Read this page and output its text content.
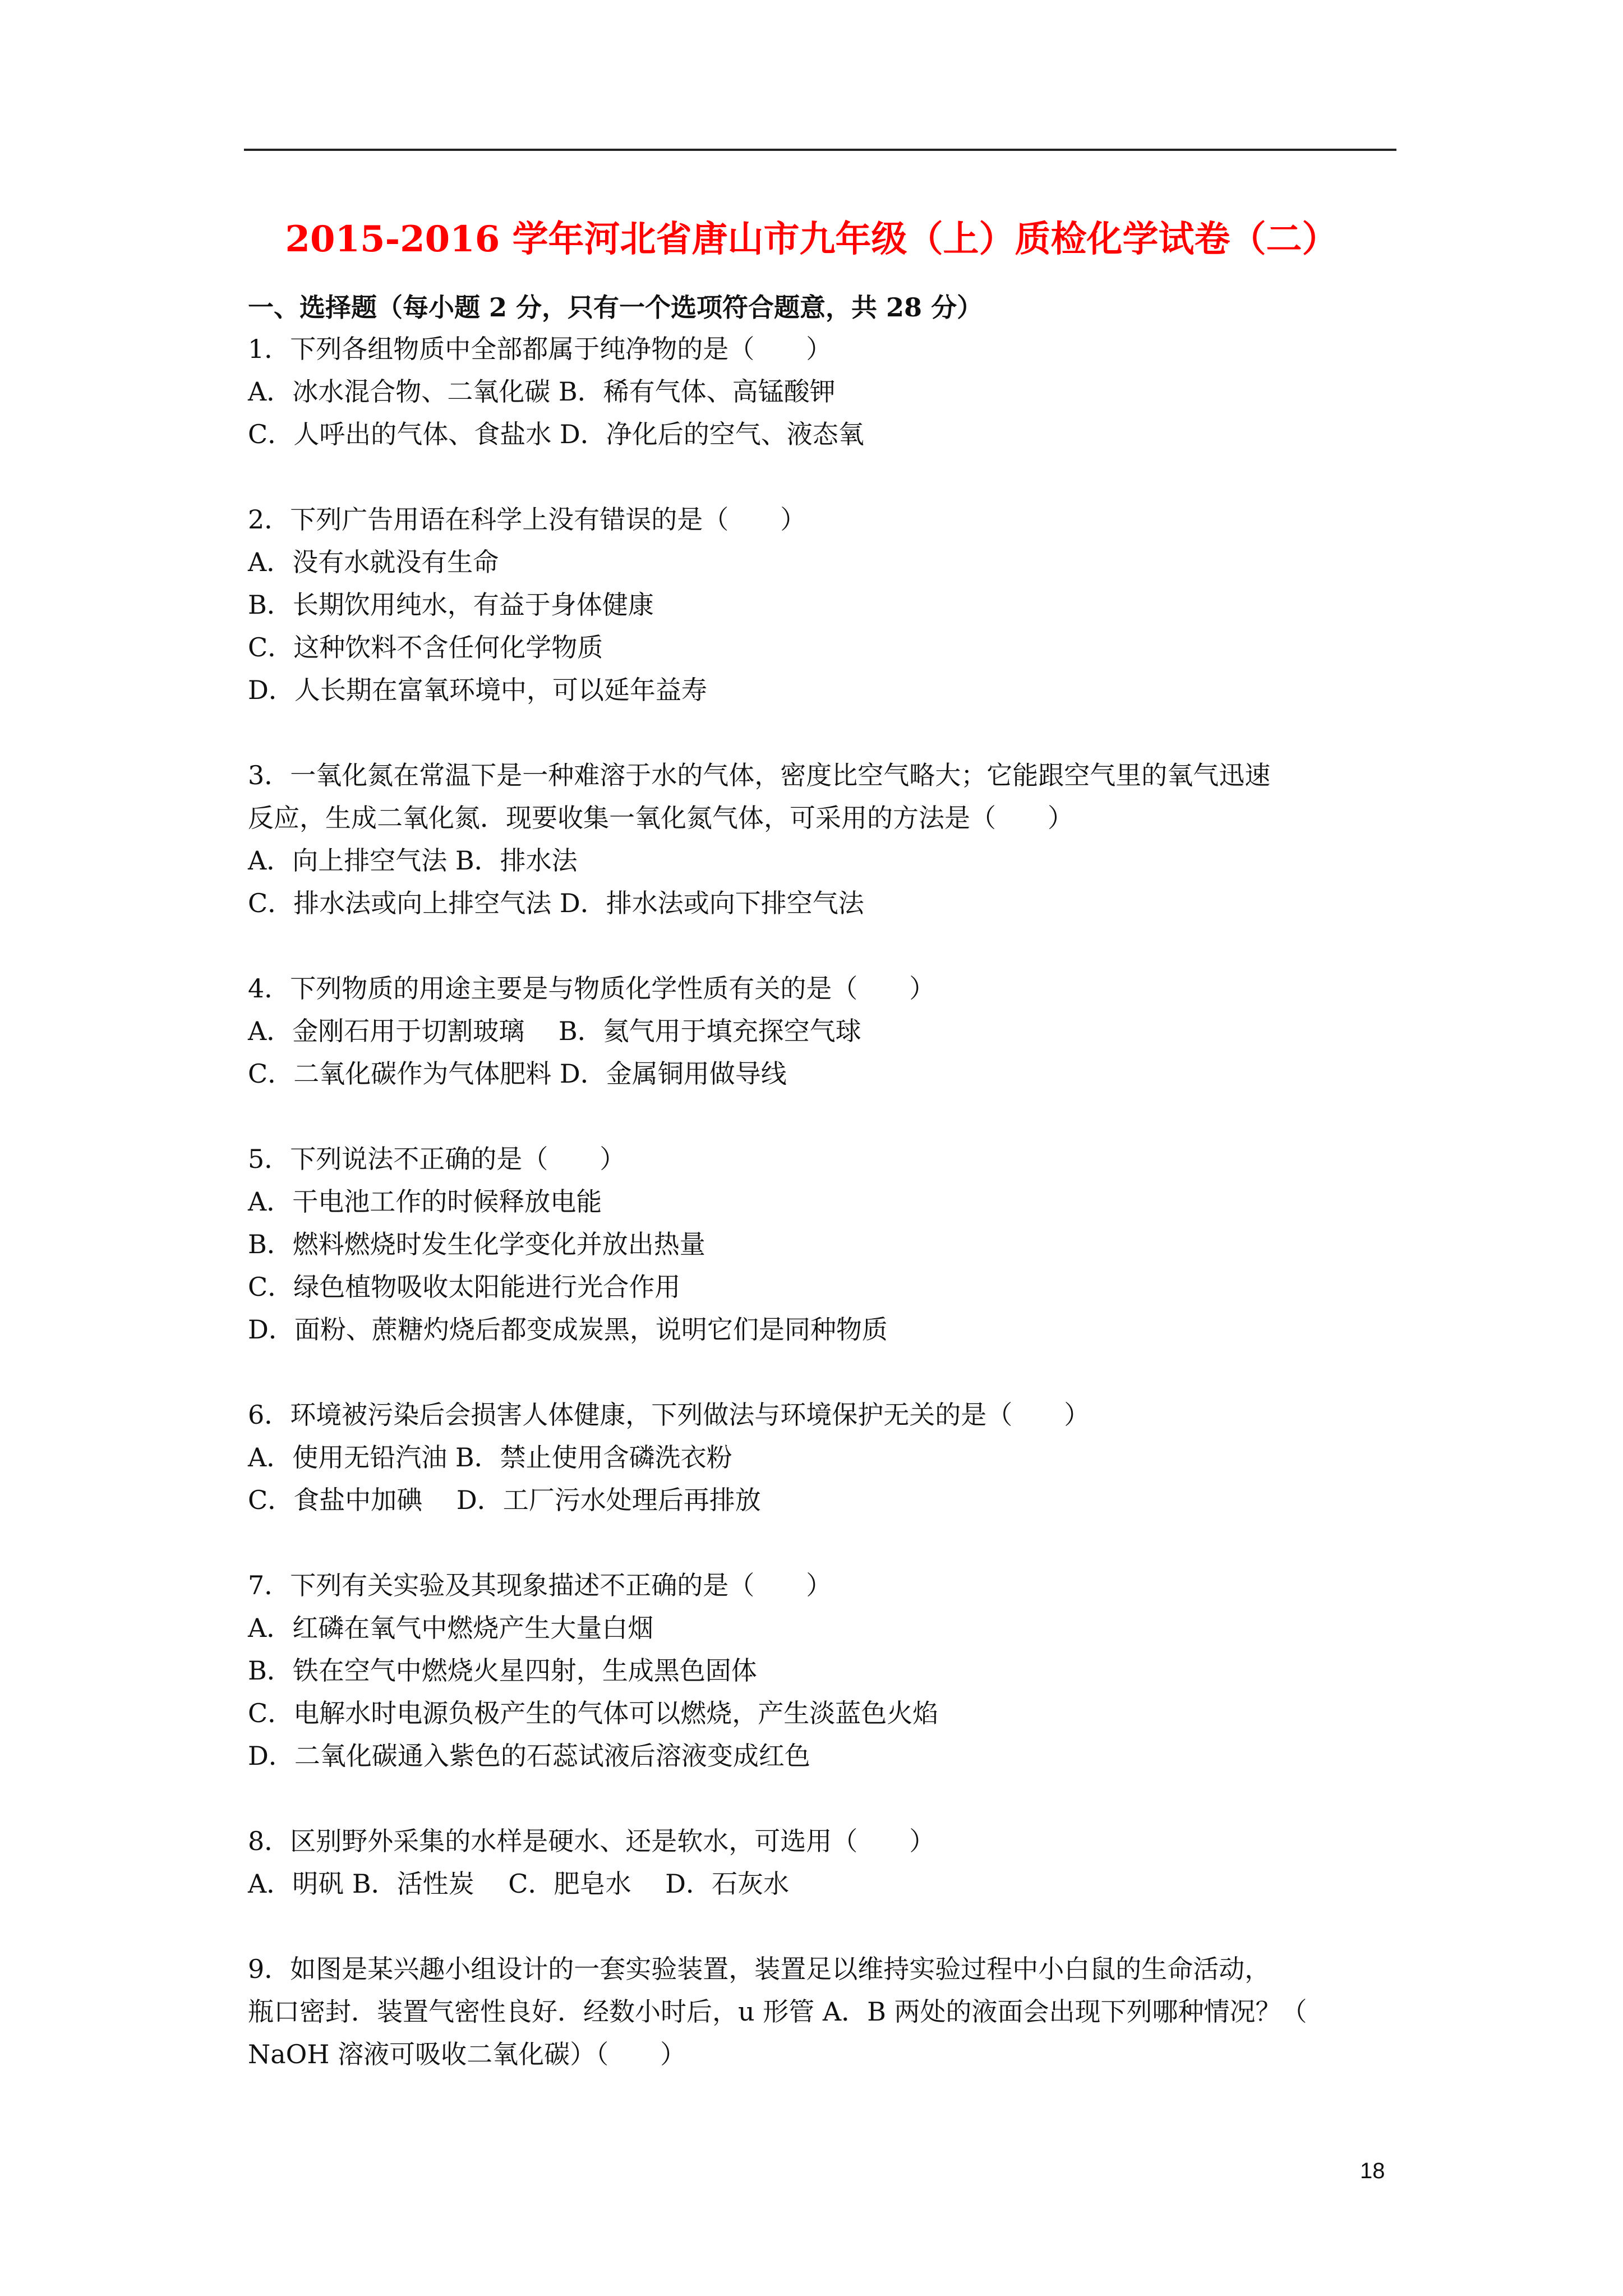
2015-2016 学年河北省唐山市九年级（上）质检化学试卷（二）
一、选择题（每小题 2 分，只有一个选项符合题意，共 28 分）
1．下列各组物质中全部都属于纯净物的是（　　）
A．冰水混合物、二氧化碳 B．稀有气体、高锰酸钾
C．人呼出的气体、食盐水 D．净化后的空气、液态氧
2．下列广告用语在科学上没有错误的是（　　）
A．没有水就没有生命
B．长期饮用纯水，有益于身体健康
C．这种饮料不含任何化学物质
D．人长期在富氧环境中，可以延年益寿
3．一氧化氮在常温下是一种难溶于水的气体，密度比空气略大；它能跟空气里的氧气迅速
反应，生成二氧化氮．现要收集一氧化氮气体，可采用的方法是（　　）
A．向上排空气法 B．排水法
C．排水法或向上排空气法 D．排水法或向下排空气法
4．下列物质的用途主要是与物质化学性质有关的是（　　）
A．金刚石用于切割玻璃　 B．氦气用于填充探空气球
C．二氧化碳作为气体肥料 D．金属铜用做导线
5．下列说法不正确的是（　　）
A．干电池工作的时候释放电能
B．燃料燃烧时发生化学变化并放出热量
C．绿色植物吸收太阳能进行光合作用
D．面粉、蔗糖灼烧后都变成炭黑，说明它们是同种物质
6．环境被污染后会损害人体健康，下列做法与环境保护无关的是（　　）
A．使用无铅汽油 B．禁止使用含磷洗衣粉
C．食盐中加碘　 D．工厂污水处理后再排放
7．下列有关实验及其现象描述不正确的是（　　）
A．红磷在氧气中燃烧产生大量白烟
B．铁在空气中燃烧火星四射，生成黑色固体
C．电解水时电源负极产生的气体可以燃烧，产生淡蓝色火焰
D．二氧化碳通入紫色的石蕊试液后溶液变成红色
8．区别野外采集的水样是硬水、还是软水，可选用（　　）
A．明矾 B．活性炭　 C．肥皂水　 D．石灰水
9．如图是某兴趣小组设计的一套实验装置，装置足以维持实验过程中小白鼠的生命活动，
瓶口密封．装置气密性良好．经数小时后，u 形管 A．B 两处的液面会出现下列哪种情况？（
NaOH 溶液可吸收二氧化碳）（　　）
18
